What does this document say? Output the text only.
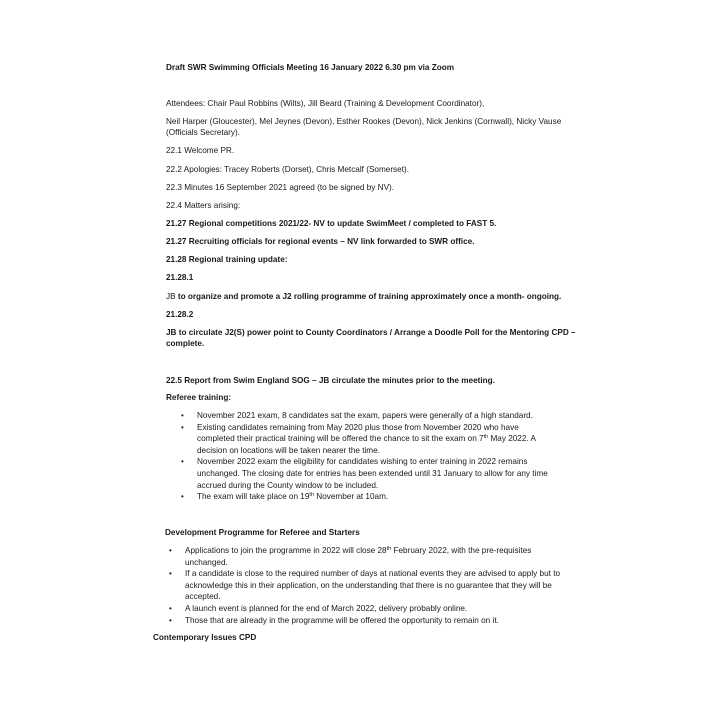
Draft SWR Swimming Officials Meeting 16 January 2022 6.30 pm via Zoom

Attendees: Chair Paul Robbins (Wilts), Jill Beard (Training & Development Coordinator),

Neil Harper (Gloucester), Mel Jeynes (Devon), Esther Rookes (Devon), Nick Jenkins (Cornwall), Nicky Vause

(Officials Secretary).

22.1 Welcome PR.

22.2 Apologies: Tracey Roberts (Dorset), Chris Metcalf (Somerset).

22.3 Minutes 16 September 2021 agreed (to be signed by NV).

22.4 Matters arising:

21.27 Regional competitions 2021/22- NV to update SwimMeet / completed to FAST 5.

21.27 Recruiting officials for regional events – NV link forwarded to SWR office.

21.28 Regional training update:

21.28.1

JB to organize and promote a J2 rolling programme of training approximately once a month- ongoing.

21.28.2

JB to circulate J2(S) power point to County Coordinators / Arrange a Doodle Poll for the Mentoring CPD –

complete.

22.5 Report from Swim England SOG – JB circulate the minutes prior to the meeting.

Referee training:

• November 2021 exam, 8 candidates sat the exam, papers were generally of a high standard.
• Existing candidates remaining from May 2020 plus those from November 2020 who have completed their practical training will be offered the chance to sit the exam on 7th May 2022. A decision on locations will be taken nearer the time.
• November 2022 exam the eligibility for candidates wishing to enter training in 2022 remains unchanged. The closing date for entries has been extended until 31 January to allow for any time accrued during the County window to be included.
• The exam will take place on 19th November at 10am.

Development Programme for Referee and Starters

• Applications to join the programme in 2022 will close 28th February 2022, with the pre-requisites unchanged.
• If a candidate is close to the required number of days at national events they are advised to apply but to acknowledge this in their application, on the understanding that there is no guarantee that they will be accepted.
• A launch event is planned for the end of March 2022, delivery probably online.
• Those that are already in the programme will be offered the opportunity to remain on it.

Contemporary Issues CPD
